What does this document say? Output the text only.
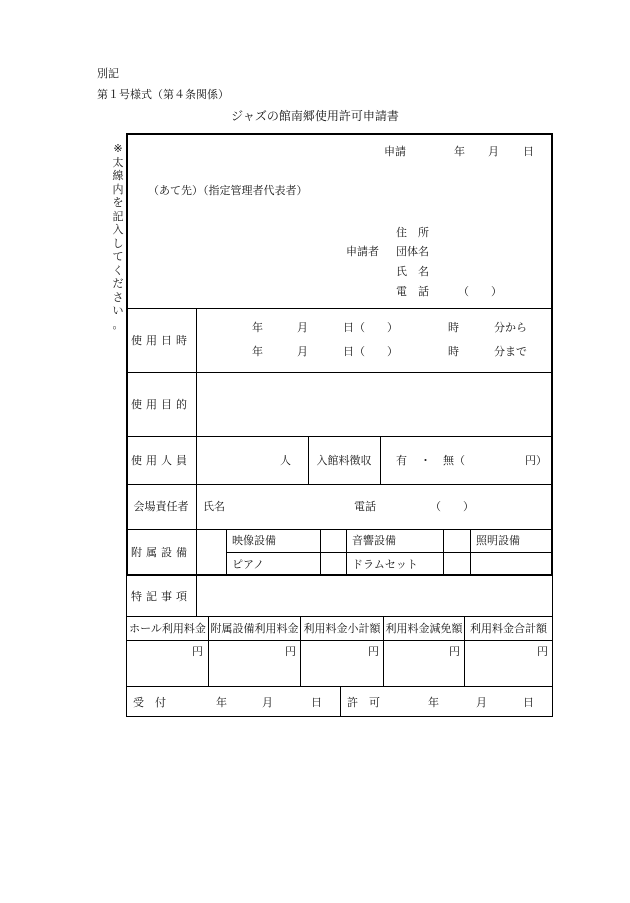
別記
第１号様式（第４条関係）
ジャズの館南郷使用許可申請書
※
太
線
内
を
記
入
し
て
く
だ
さ
い
。
申請	年 月 日
（あて先）（指定管理者代表者）
住　所
申請者 団体名
氏　名
電　話	（　　）
使用日時
年	月	日（　　）	時	分から
年	月	日（　　）	時	分まで
使用目的
使用人員	人	入館料徴収	有 ・ 無（	円）
会場責任者	氏名	電話	（　　）
附属設備
映像設備	音響設備	照明設備
ピアノ	ドラムセット
特記事項
ホール利用料金 附属設備利用料金 利用料金小計額 利用料金減免額 利用料金合計額
円	円	円	円	円
受　付	年	月	日 許　可	年	月	日
